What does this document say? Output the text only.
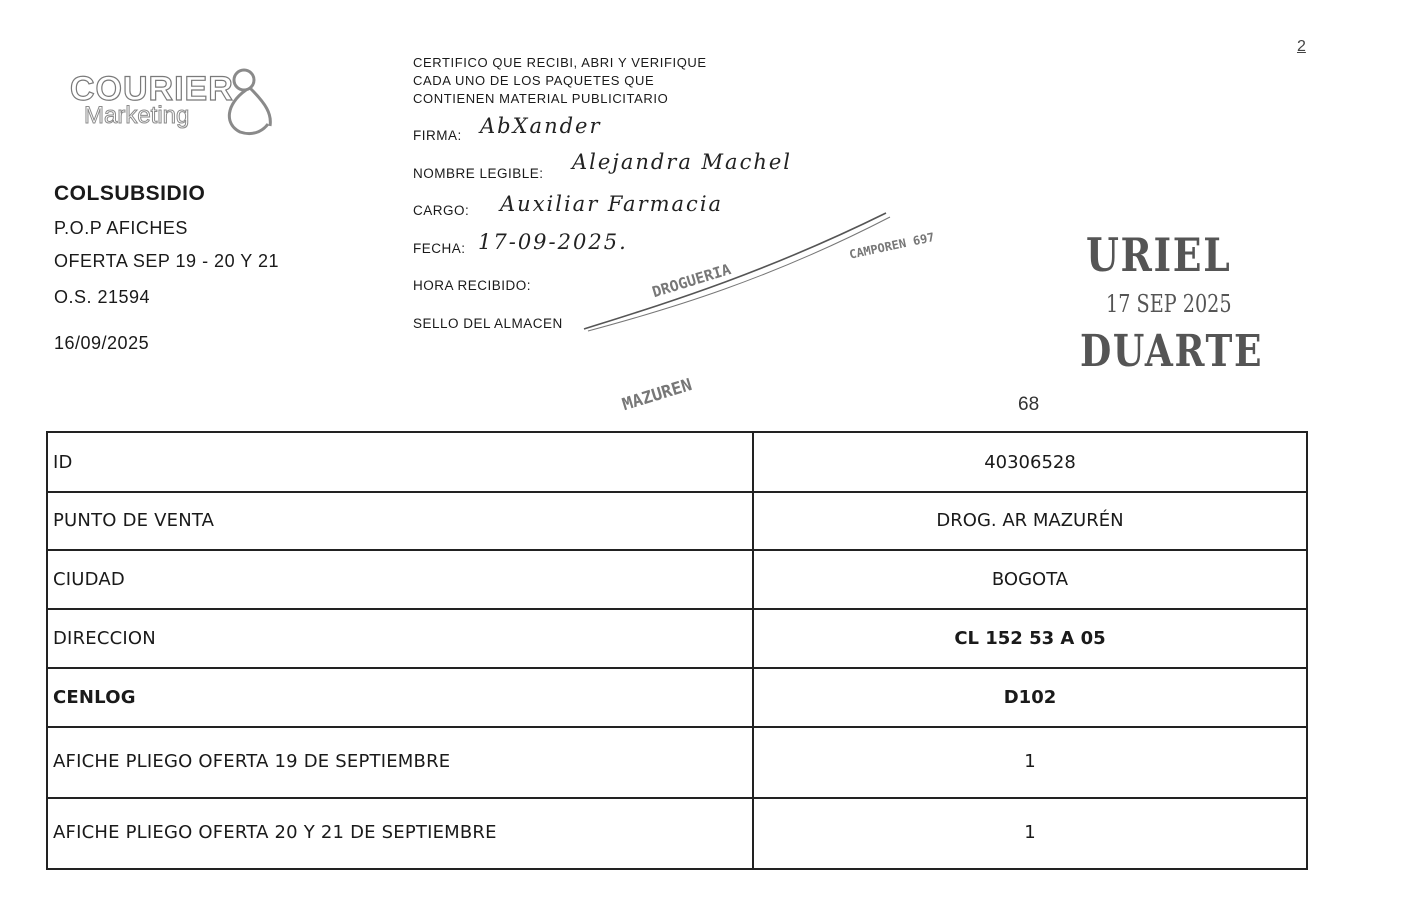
COURIER
Marketing
2
COLSUBSIDIO
P.O.P AFICHES
OFERTA SEP 19 - 20 Y 21
O.S. 21594
16/09/2025
CERTIFICO QUE RECIBI, ABRI Y VERIFIQUE
CADA UNO DE LOS PAQUETES QUE
CONTIENEN MATERIAL PUBLICITARIO
FIRMA: AbXander
NOMBRE LEGIBLE: Alejandra Machel
CARGO: Auxiliar Farmacia
FECHA: 17-09-2025.
HORA RECIBIDO:
SELLO DEL ALMACEN
DROGUERIA
MAZUREN
CAMPOREN 697	URIEL
17 SEP 2025
DUARTE
68
ID	40306528
PUNTO DE VENTA	DROG. AR MAZURÉN
CIUDAD	BOGOTA
DIRECCION	CL 152 53 A 05
CENLOG	D102
AFICHE PLIEGO OFERTA 19 DE SEPTIEMBRE	1
AFICHE PLIEGO OFERTA 20 Y 21 DE SEPTIEMBRE	1
